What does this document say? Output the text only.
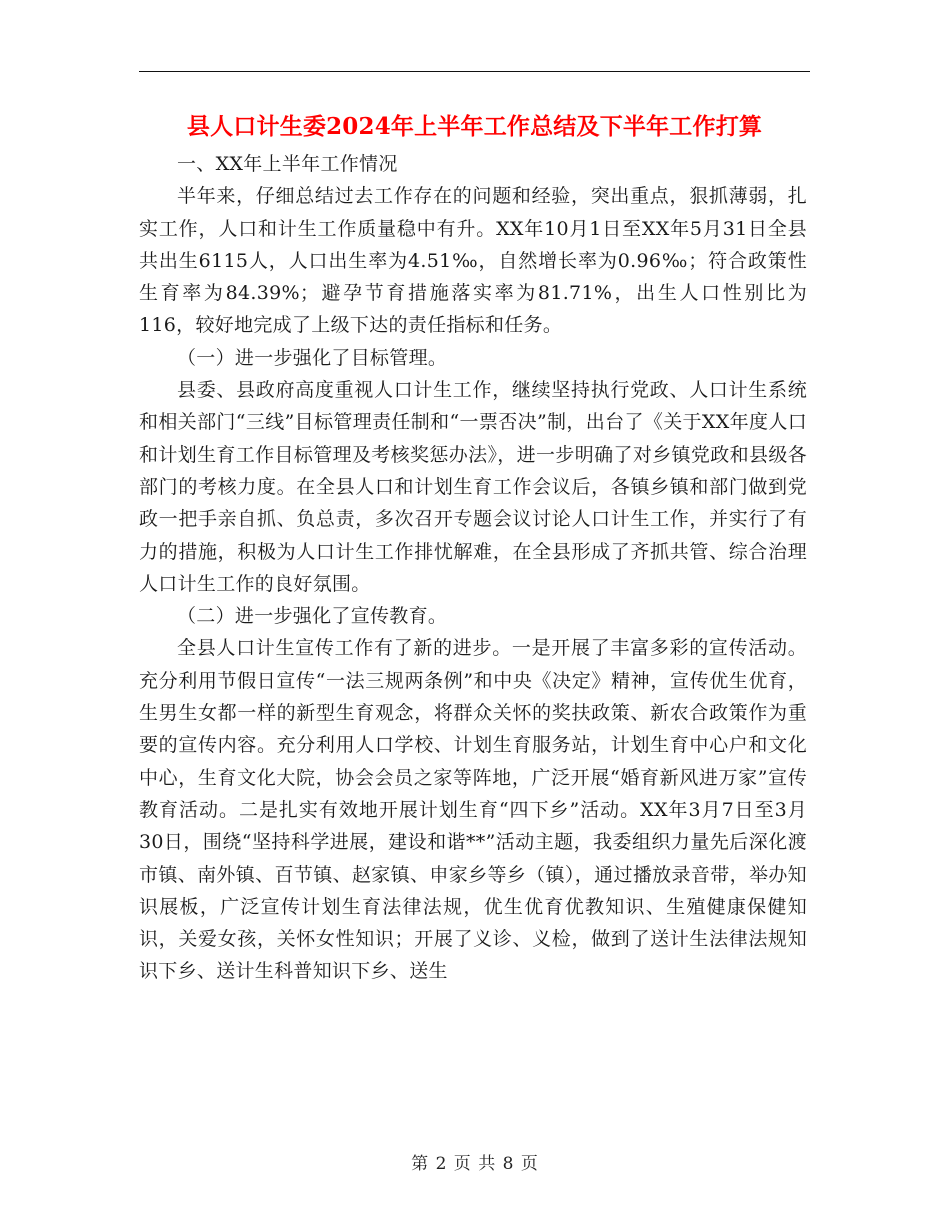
县人口计生委2024年上半年工作总结及下半年工作打算

一、XX年上半年工作情况

半年来，仔细总结过去工作存在的问题和经验，突出重点，狠抓薄弱，扎实工作，人口和计生工作质量稳中有升。XX年10月1日至XX年5月31日全县共出生6115人，人口出生率为4.51‰，自然增长率为0.96‰；符合政策性生育率为84.39%；避孕节育措施落实率为81.71%，出生人口性别比为116，较好地完成了上级下达的责任指标和任务。

（一）进一步强化了目标管理。

县委、县政府高度重视人口计生工作，继续坚持执行党政、人口计生系统和相关部门“三线”目标管理责任制和“一票否决”制，出台了《关于XX年度人口和计划生育工作目标管理及考核奖惩办法》，进一步明确了对乡镇党政和县级各部门的考核力度。在全县人口和计划生育工作会议后，各镇乡镇和部门做到党政一把手亲自抓、负总责，多次召开专题会议讨论人口计生工作，并实行了有力的措施，积极为人口计生工作排忧解难，在全县形成了齐抓共管、综合治理人口计生工作的良好氛围。

（二）进一步强化了宣传教育。

全县人口计生宣传工作有了新的进步。一是开展了丰富多彩的宣传活动。充分利用节假日宣传“一法三规两条例”和中央《决定》精神，宣传优生优育，生男生女都一样的新型生育观念，将群众关怀的奖扶政策、新农合政策作为重要的宣传内容。充分利用人口学校、计划生育服务站，计划生育中心户和文化中心，生育文化大院，协会会员之家等阵地，广泛开展“婚育新风进万家”宣传教育活动。二是扎实有效地开展计划生育“四下乡”活动。XX年3月7日至3月30日，围绕“坚持科学进展，建设和谐**”活动主题，我委组织力量先后深化渡市镇、南外镇、百节镇、赵家镇、申家乡等乡（镇），通过播放录音带，举办知识展板，广泛宣传计划生育法律法规，优生优育优教知识、生殖健康保健知识，关爱女孩，关怀女性知识；开展了义诊、义检，做到了送计生法律法规知识下乡、送计生科普知识下乡、送生

第 2 页 共 8 页
